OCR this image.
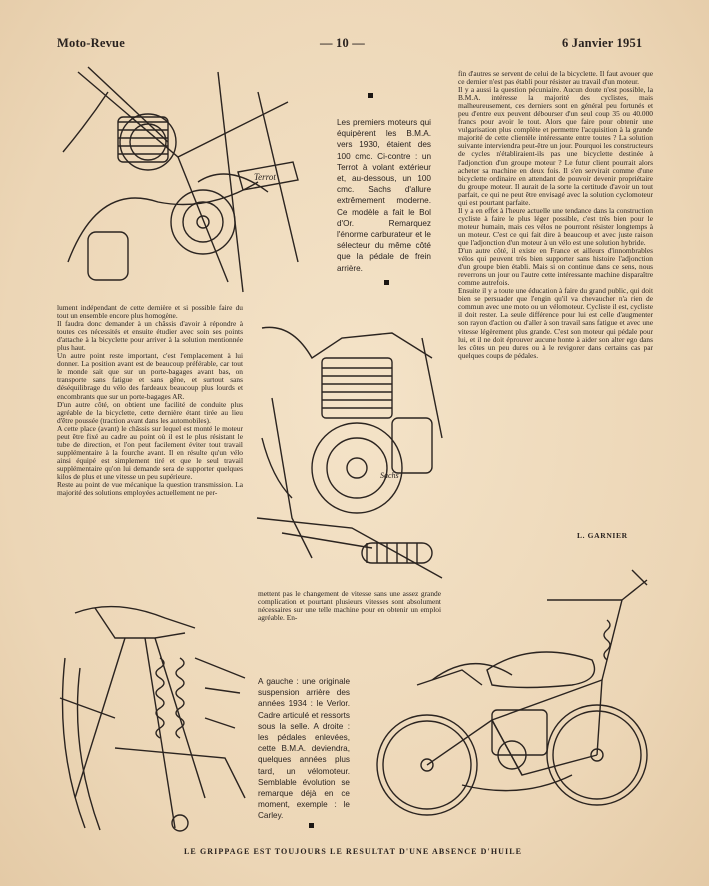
Moto-Revue	— 10 —	6 Janvier 1951
Terrot
Les premiers moteurs qui équipèrent les B.M.A. vers 1930, étaient des 100 cmc. Ci-contre : un Terrot à volant extérieur et, au-dessous, un 100 cmc. Sachs d'allure extrêmement moderne. Ce modèle a fait le Bol d'Or. Remarquez l'énorme carburateur et le sélecteur du même côté que la pédale de frein arrière.
fin d'autres se servent de celui de la bicyclette. Il faut avouer que ce dernier n'est pas établi pour résister au travail d'un moteur.
Il y a aussi la question pécuniaire. Aucun doute n'est possible, la B.M.A. intéresse la majorité des cyclistes, mais malheureusement, ces derniers sont en général peu fortunés et peu d'entre eux peuvent débourser d'un seul coup 35 ou 40.000 francs pour avoir le tout. Alors que faire pour obtenir une vulgarisation plus complète et permettre l'acquisition à la grande majorité de cette clientèle intéressante entre toutes ? La solution suivante interviendra peut-être un jour. Pourquoi les constructeurs de cycles n'établiraient-ils pas une bicyclette destinée à l'adjonction d'un groupe moteur ? Le futur client pourrait alors acheter sa machine en deux fois. Il s'en servirait comme d'une bicyclette ordinaire en attendant de pouvoir devenir propriétaire du groupe moteur. Il aurait de la sorte la certitude d'avoir un tout parfait, ce qui ne peut être envisagé avec la solution cyclomoteur qui est pourtant parfaite.
Il y a en effet à l'heure actuelle une tendance dans la construction cycliste à faire le plus léger possible, c'est très bien pour le moteur humain, mais ces vélos ne pourront résister longtemps à un moteur. C'est ce qui fait dire à beaucoup et avec juste raison que l'adjonction d'un moteur à un vélo est une solution hybride.
D'un autre côté, il existe en France et ailleurs d'innombrables vélos qui peuvent très bien supporter sans histoire l'adjonction d'un groupe bien établi. Mais si on continue dans ce sens, nous reverrons un jour ou l'autre cette intéressante machine disparaître comme autrefois.
Ensuite il y a toute une éducation à faire du grand public, qui doit bien se persuader que l'engin qu'il va chevaucher n'a rien de commun avec une moto ou un vélomoteur. Cycliste il est, cycliste il doit rester. La seule différence pour lui est celle d'augmenter son rayon d'action ou d'aller à son travail sans fatigue et avec une vitesse légèrement plus grande. C'est son moteur qui pédale pour lui, et il ne doit éprouver aucune honte à aider son alter ego dans les côtes un peu dures ou à le revigorer dans certains cas par quelques coups de pédales.
L. GARNIER
lument indépendant de cette dernière et si possible faire du tout un ensemble encore plus homogène.
Il faudra donc demander à un châssis d'avoir à répondre à toutes ces nécessités et ensuite étudier avec soin ses points d'attache à la bicyclette pour arriver à la solution mentionnée plus haut.
Un autre point reste important, c'est l'emplacement à lui donner. La position avant est de beaucoup préférable, car tout le monde sait que sur un porte-bagages avant bas, on transporte sans fatigue et sans gêne, et surtout sans déséquilibrage du vélo des fardeaux beaucoup plus lourds et encombrants que sur un porte-bagages AR.
D'un autre côté, on obtient une facilité de conduite plus agréable de la bicyclette, cette dernière étant tirée au lieu d'être poussée (traction avant dans les automobiles).
A cette place (avant) le châssis sur lequel est monté le moteur peut être fixé au cadre au point où il est le plus résistant le tube de direction, et l'on peut facilement éviter tout travail supplémentaire à la fourche avant. Il en résulte qu'un vélo ainsi équipé est simplement tiré et que le seul travail supplémentaire qu'on lui demande sera de supporter quelques kilos de plus et une vitesse un peu supérieure.
Reste au point de vue mécanique la question transmission. La majorité des solutions employées actuellement ne per-
Sachs
mettent pas le changement de vitesse sans une assez grande complication et pourtant plusieurs vitesses sont absolument nécessaires sur une telle machine pour en obtenir un emploi agréable. En-
A gauche : une originale suspension arrière des années 1934 : le Verlor. Cadre articulé et ressorts sous la selle. A droite : les pédales enlevées, cette B.M.A. deviendra, quelques années plus tard, un vélomoteur. Semblable évolution se remarque déjà en ce moment, exemple : le Carley.
LE GRIPPAGE EST TOUJOURS LE RESULTAT D'UNE ABSENCE D'HUILE
